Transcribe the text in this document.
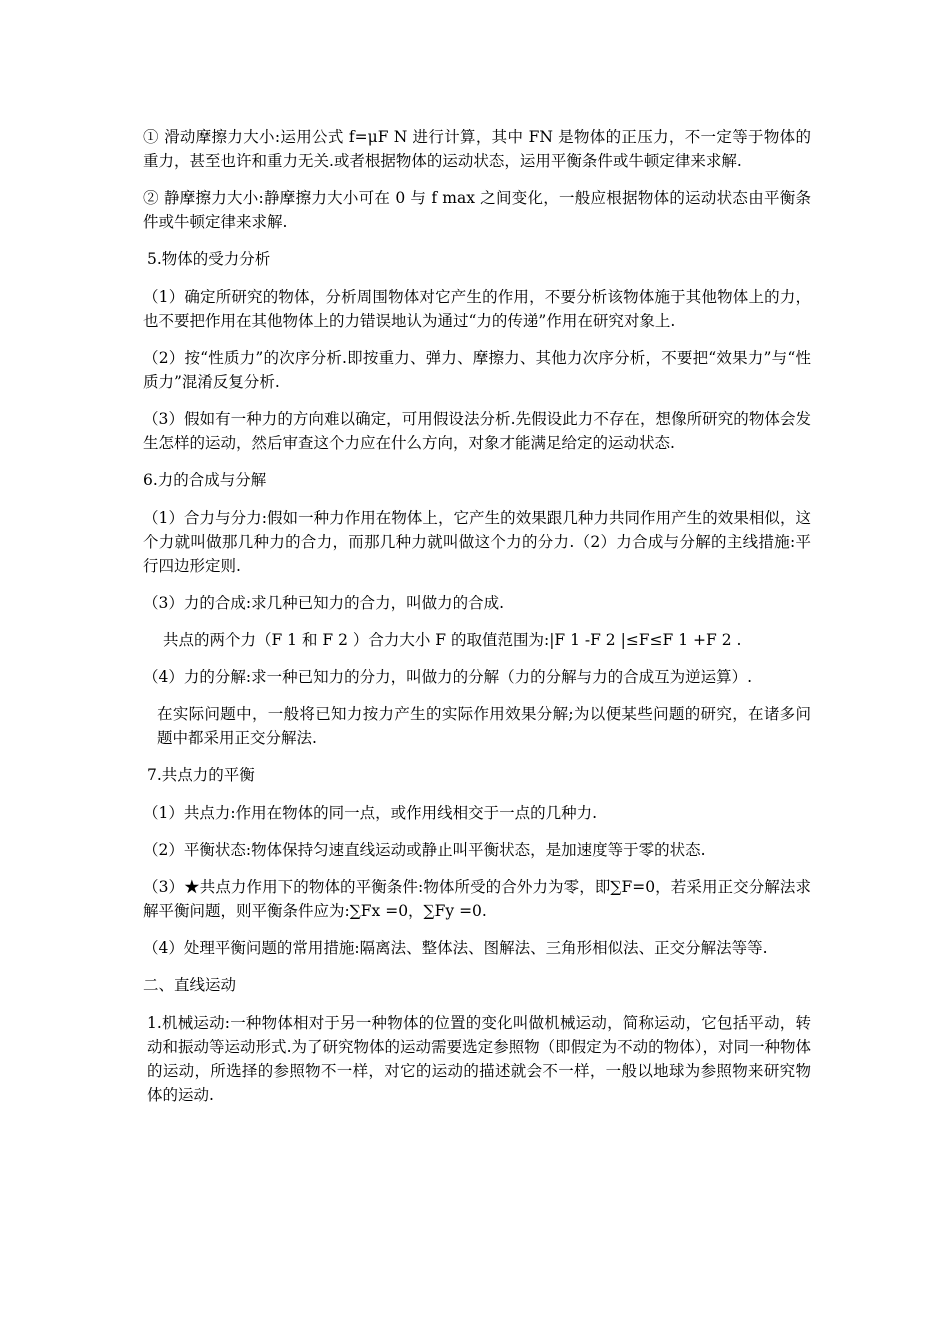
① 滑动摩擦力大小:运用公式 f=μF N 进行计算，其中 FN 是物体的正压力，不一定等于物体的重力，甚至也许和重力无关.或者根据物体的运动状态，运用平衡条件或牛顿定律来求解.

② 静摩擦力大小:静摩擦力大小可在 0 与 f max 之间变化，一般应根据物体的运动状态由平衡条件或牛顿定律来求解.

5.物体的受力分析

（1）确定所研究的物体，分析周围物体对它产生的作用，不要分析该物体施于其他物体上的力，也不要把作用在其他物体上的力错误地认为通过“力的传递”作用在研究对象上.

（2）按“性质力”的次序分析.即按重力、弹力、摩擦力、其他力次序分析，不要把“效果力”与“性质力”混淆反复分析.

（3）假如有一种力的方向难以确定，可用假设法分析.先假设此力不存在，想像所研究的物体会发生怎样的运动，然后审查这个力应在什么方向，对象才能满足给定的运动状态.

6.力的合成与分解

（1）合力与分力:假如一种力作用在物体上，它产生的效果跟几种力共同作用产生的效果相似，这个力就叫做那几种力的合力，而那几种力就叫做这个力的分力.（2）力合成与分解的主线措施:平行四边形定则.

（3）力的合成:求几种已知力的合力，叫做力的合成.

共点的两个力（F 1 和 F 2 ）合力大小 F 的取值范围为:|F 1 -F 2 |≤F≤F 1 +F 2 .

（4）力的分解:求一种已知力的分力，叫做力的分解（力的分解与力的合成互为逆运算）.

在实际问题中，一般将已知力按力产生的实际作用效果分解;为以便某些问题的研究，在诸多问题中都采用正交分解法.

7.共点力的平衡

（1）共点力:作用在物体的同一点，或作用线相交于一点的几种力.

（2）平衡状态:物体保持匀速直线运动或静止叫平衡状态，是加速度等于零的状态.

（3）★共点力作用下的物体的平衡条件:物体所受的合外力为零，即∑F=0，若采用正交分解法求解平衡问题，则平衡条件应为:∑Fx =0，∑Fy =0.

（4）处理平衡问题的常用措施:隔离法、整体法、图解法、三角形相似法、正交分解法等等.

二、直线运动

1.机械运动:一种物体相对于另一种物体的位置的变化叫做机械运动，简称运动，它包括平动，转动和振动等运动形式.为了研究物体的运动需要选定参照物（即假定为不动的物体），对同一种物体的运动，所选择的参照物不一样，对它的运动的描述就会不一样，一般以地球为参照物来研究物体的运动.
